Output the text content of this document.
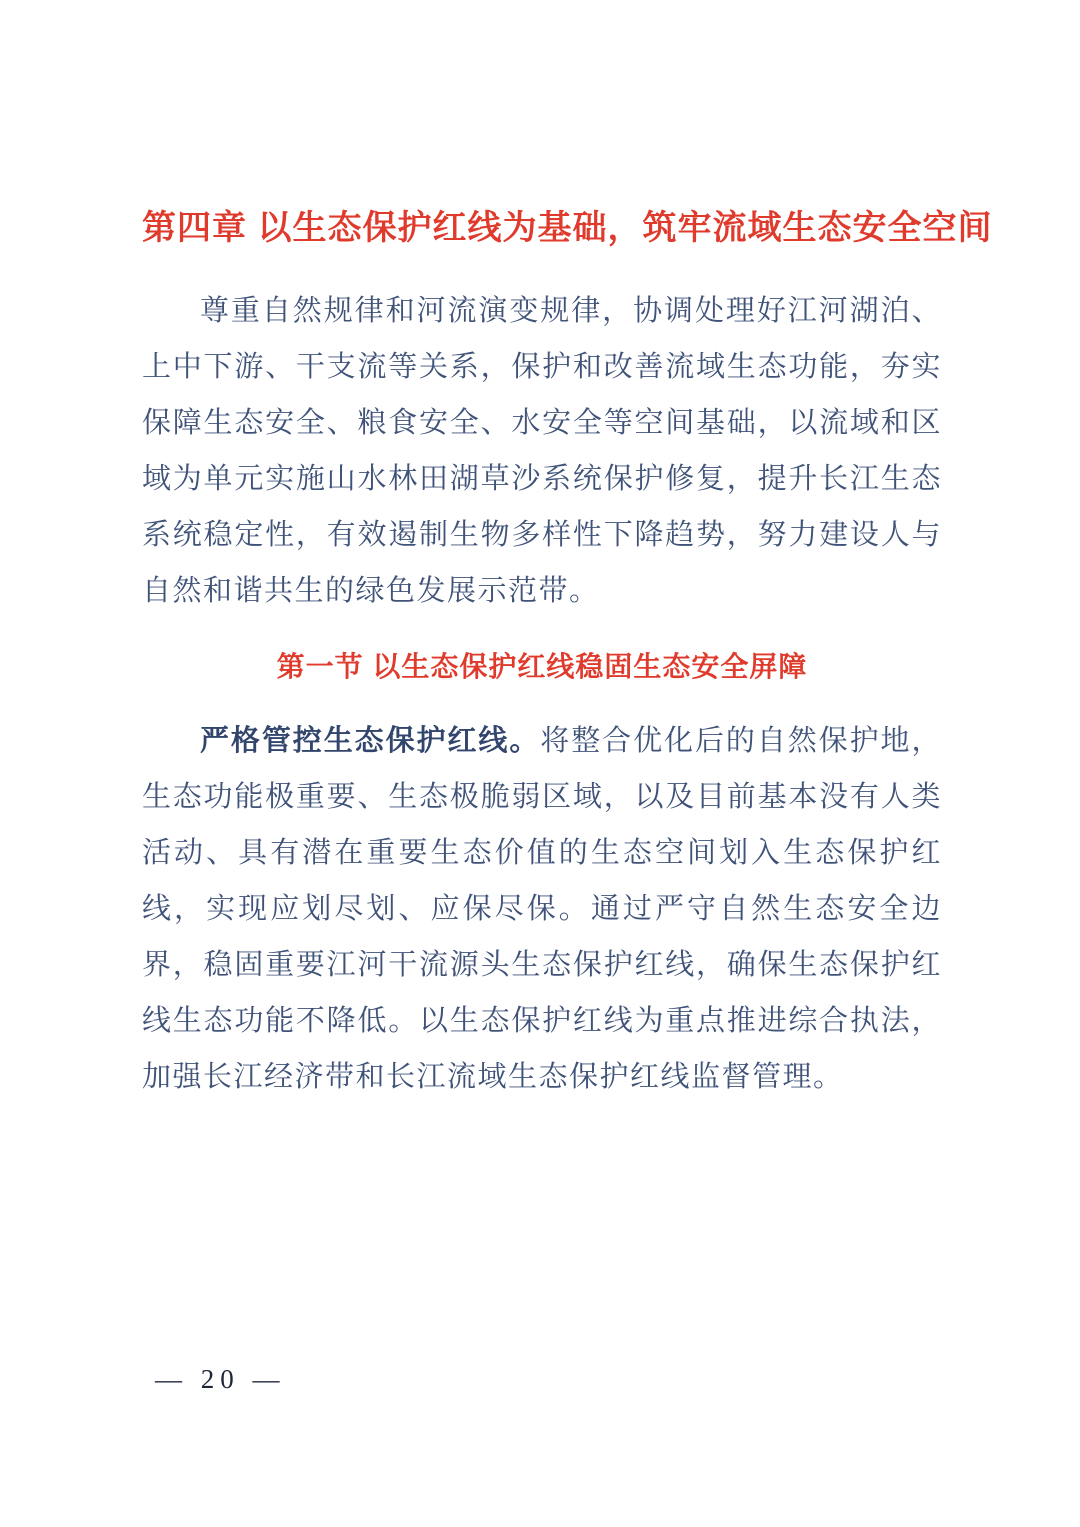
第四章 以生态保护红线为基础，筑牢流域生态安全空间

尊重自然规律和河流演变规律，协调处理好江河湖泊、上中下游、干支流等关系，保护和改善流域生态功能，夯实保障生态安全、粮食安全、水安全等空间基础，以流域和区域为单元实施山水林田湖草沙系统保护修复，提升长江生态系统稳定性，有效遏制生物多样性下降趋势，努力建设人与自然和谐共生的绿色发展示范带。

第一节 以生态保护红线稳固生态安全屏障

严格管控生态保护红线。将整合优化后的自然保护地，生态功能极重要、生态极脆弱区域，以及目前基本没有人类活动、具有潜在重要生态价值的生态空间划入生态保护红线，实现应划尽划、应保尽保。通过严守自然生态安全边界，稳固重要江河干流源头生态保护红线，确保生态保护红线生态功能不降低。以生态保护红线为重点推进综合执法，加强长江经济带和长江流域生态保护红线监督管理。

— 20 —
